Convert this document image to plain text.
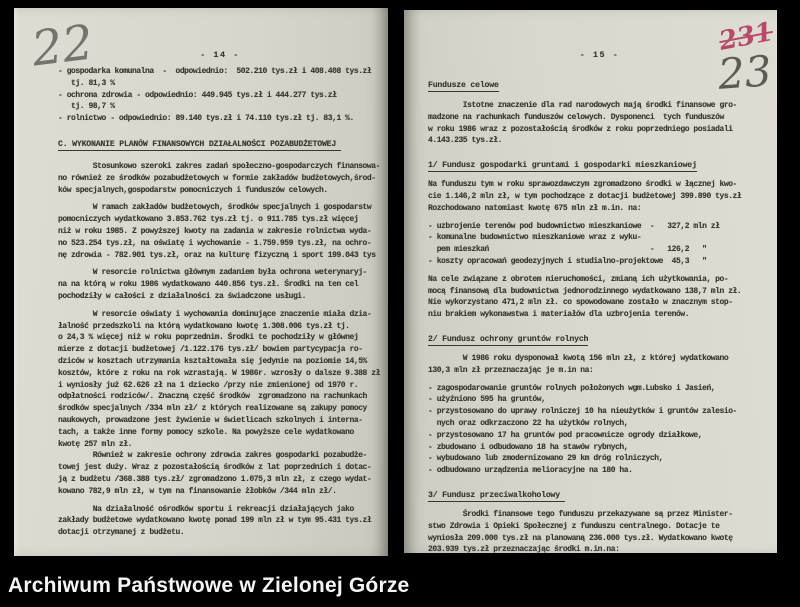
22	- 14 -
- gospodarka komunalna  -  odpowiednio:  502.210 tys.zł i 408.408 tys.zł
tj. 81,3 %
- ochrona zdrowia - odpowiednio: 449.945 tys.zł i 444.277 tys.zł
tj. 98,7 %
- rolnictwo - odpowiednio: 89.140 tys.zł i 74.110 tys.zł tj. 83,1 %.
C. WYKONANIE PLANÓW FINANSOWYCH DZIAŁALNOŚCI POZABUDŻETOWEJ
Stosunkowo szeroki zakres zadań społeczno-gospodarczych finansowa-
no również ze środków pozabudżetowych w formie zakładów budżetowych,środ-
ków specjalnych,gospodarstw pomocniczych i funduszów celowych.
W ramach zakładów budżetowych, środków specjalnych i gospodarstw
pomocniczych wydatkowano 3.853.762 tys.zł tj. o 911.785 tys.zł więcej
niż w roku 1985. Z powyższej kwoty na zadania w zakresie rolnictwa wyda-
no 523.254 tys.zł, na oświatę i wychowanie - 1.759.959 tys.zł, na ochro-
nę zdrowia - 782.901 tys.zł, oraz na kulturę fizyczną i sport 199.043 tys
W resorcie rolnictwa głównym zadaniem była ochrona weterynaryj-
na na którą w roku 1986 wydatkowano 440.856 tys.zł. Środki na ten cel
pochodziły w całości z działalności za świadczone usługi.
W resorcie oświaty i wychowania dominujące znaczenie miała dzia-
łalność przedszkoli na którą wydatkowano kwotę 1.308.006 tys.zł tj.
o 24,3 % więcej niż w roku poprzednim. Środki te pochodziły w głównej
mierze z dotacji budżetowej /1.122.176 tys.zł/ bowiem partycypacja ro-
dziców w kosztach utrzymania kształtowała się jedynie na poziomie 14,5%
kosztów, które z roku na rok wzrastają. W 1986r. wzrosły o dalsze 9.388 zł
i wyniosły już 62.626 zł na 1 dziecko /przy nie zmienionej od 1970 r.
odpłatności rodziców/. Znaczną część środków  zgromadzono na rachunkach
środków specjalnych /334 mln zł/ z których realizowane są zakupy pomocy
naukowych, prowadzone jest żywienie w świetlicach szkolnych i interna-
tach, a także inne formy pomocy szkole. Na powyższe cele wydatkowano
kwotę 257 mln zł.
Również w zakresie ochrony zdrowia zakres gospodarki pozabudże-
towej jest duży. Wraz z pozostałością środków z lat poprzednich i dotac-
ją z budżetu /368.388 tys.zł/ zgromadzono 1.075,3 mln zł, z czego wydat-
kowano 782,9 mln zł, w tym na finansowanie żłobków /344 mln zł/.
Na działalność ośrodków sportu i rekreacji działających jako
zakłady budżetowe wydatkowano kwotę ponad 199 mln zł w tym 95.431 tys.zł
dotacji otrzymanej z budżetu.
231
23
- 15 -
Fundusze celowe
Istotne znaczenie dla rad narodowych mają środki finansowe gro-
madzone na rachunkach funduszów celowych. Dysponenci  tych funduszów
w roku 1986 wraz z pozostałością środków z roku poprzedniego posiadali
4.143.235 tys.zł.
1/ Fundusz gospodarki gruntami i gospodarki mieszkaniowej
Na funduszu tym w roku sprawozdawczym zgromadzono środki w łącznej kwo-
cie 1.146,2 mln zł, w tym pochodzące z dotacji budżetowej 399.890 tys.zł
Rozchodowano natomiast kwotę 675 mln zł m.in. na:
- uzbrojenie terenów pod budownictwo mieszkaniowe  -   327,2 mln zł
- komunalne budownictwo mieszkaniowe wraz z wyku-
pem mieszkań                                     -   126,2   "
- koszty opracowań geodezyjnych i studialno-projektowe  45,3   "
Na cele związane z obrotem nieruchomości, zmianą ich użytkowania, po-
mocą finansową dla budownictwa jednorodzinnego wydatkowano 138,7 mln zł.
Nie wykorzystano 471,2 mln zł. co spowodowane zostało w znacznym stop-
niu brakiem wykonawstwa i materiałów dla uzbrojenia terenów.
2/ Fundusz ochrony gruntów rolnych
W 1986 roku dysponował kwotą 156 mln zł, z której wydatkowano
130,3 mln zł przeznaczając je m.in na:
- zagospodarowanie gruntów rolnych położonych wgm.Lubsko i Jasień,
- użyźniono 595 ha gruntów,
- przystosowano do uprawy rolniczej 10 ha nieużytków i gruntów zalesio-
nych oraz odkrzaczono 22 ha użytków rolnych,
- przystosowano 17 ha gruntów pod pracownicze ogrody działkowe,
- zbudowano i odbudowano 18 ha stawów rybnych,
- wybudowano lub zmodernizowano 29 km dróg rolniczych,
- odbudowano urządzenia melioracyjne na 180 ha.
3/ Fundusz przeciwalkoholowy
Środki finansowe tego funduszu przekazywane są przez Minister-
stwo Zdrowia i Opieki Społecznej z funduszu centralnego. Dotacje te
wyniosła 209.000 tys.zł na planowaną 236.000 tys.zł. Wydatkowano kwotę
203.939 tys.zł przeznaczając środki m.in.na:
Archiwum Państwowe w Zielonej Górze
